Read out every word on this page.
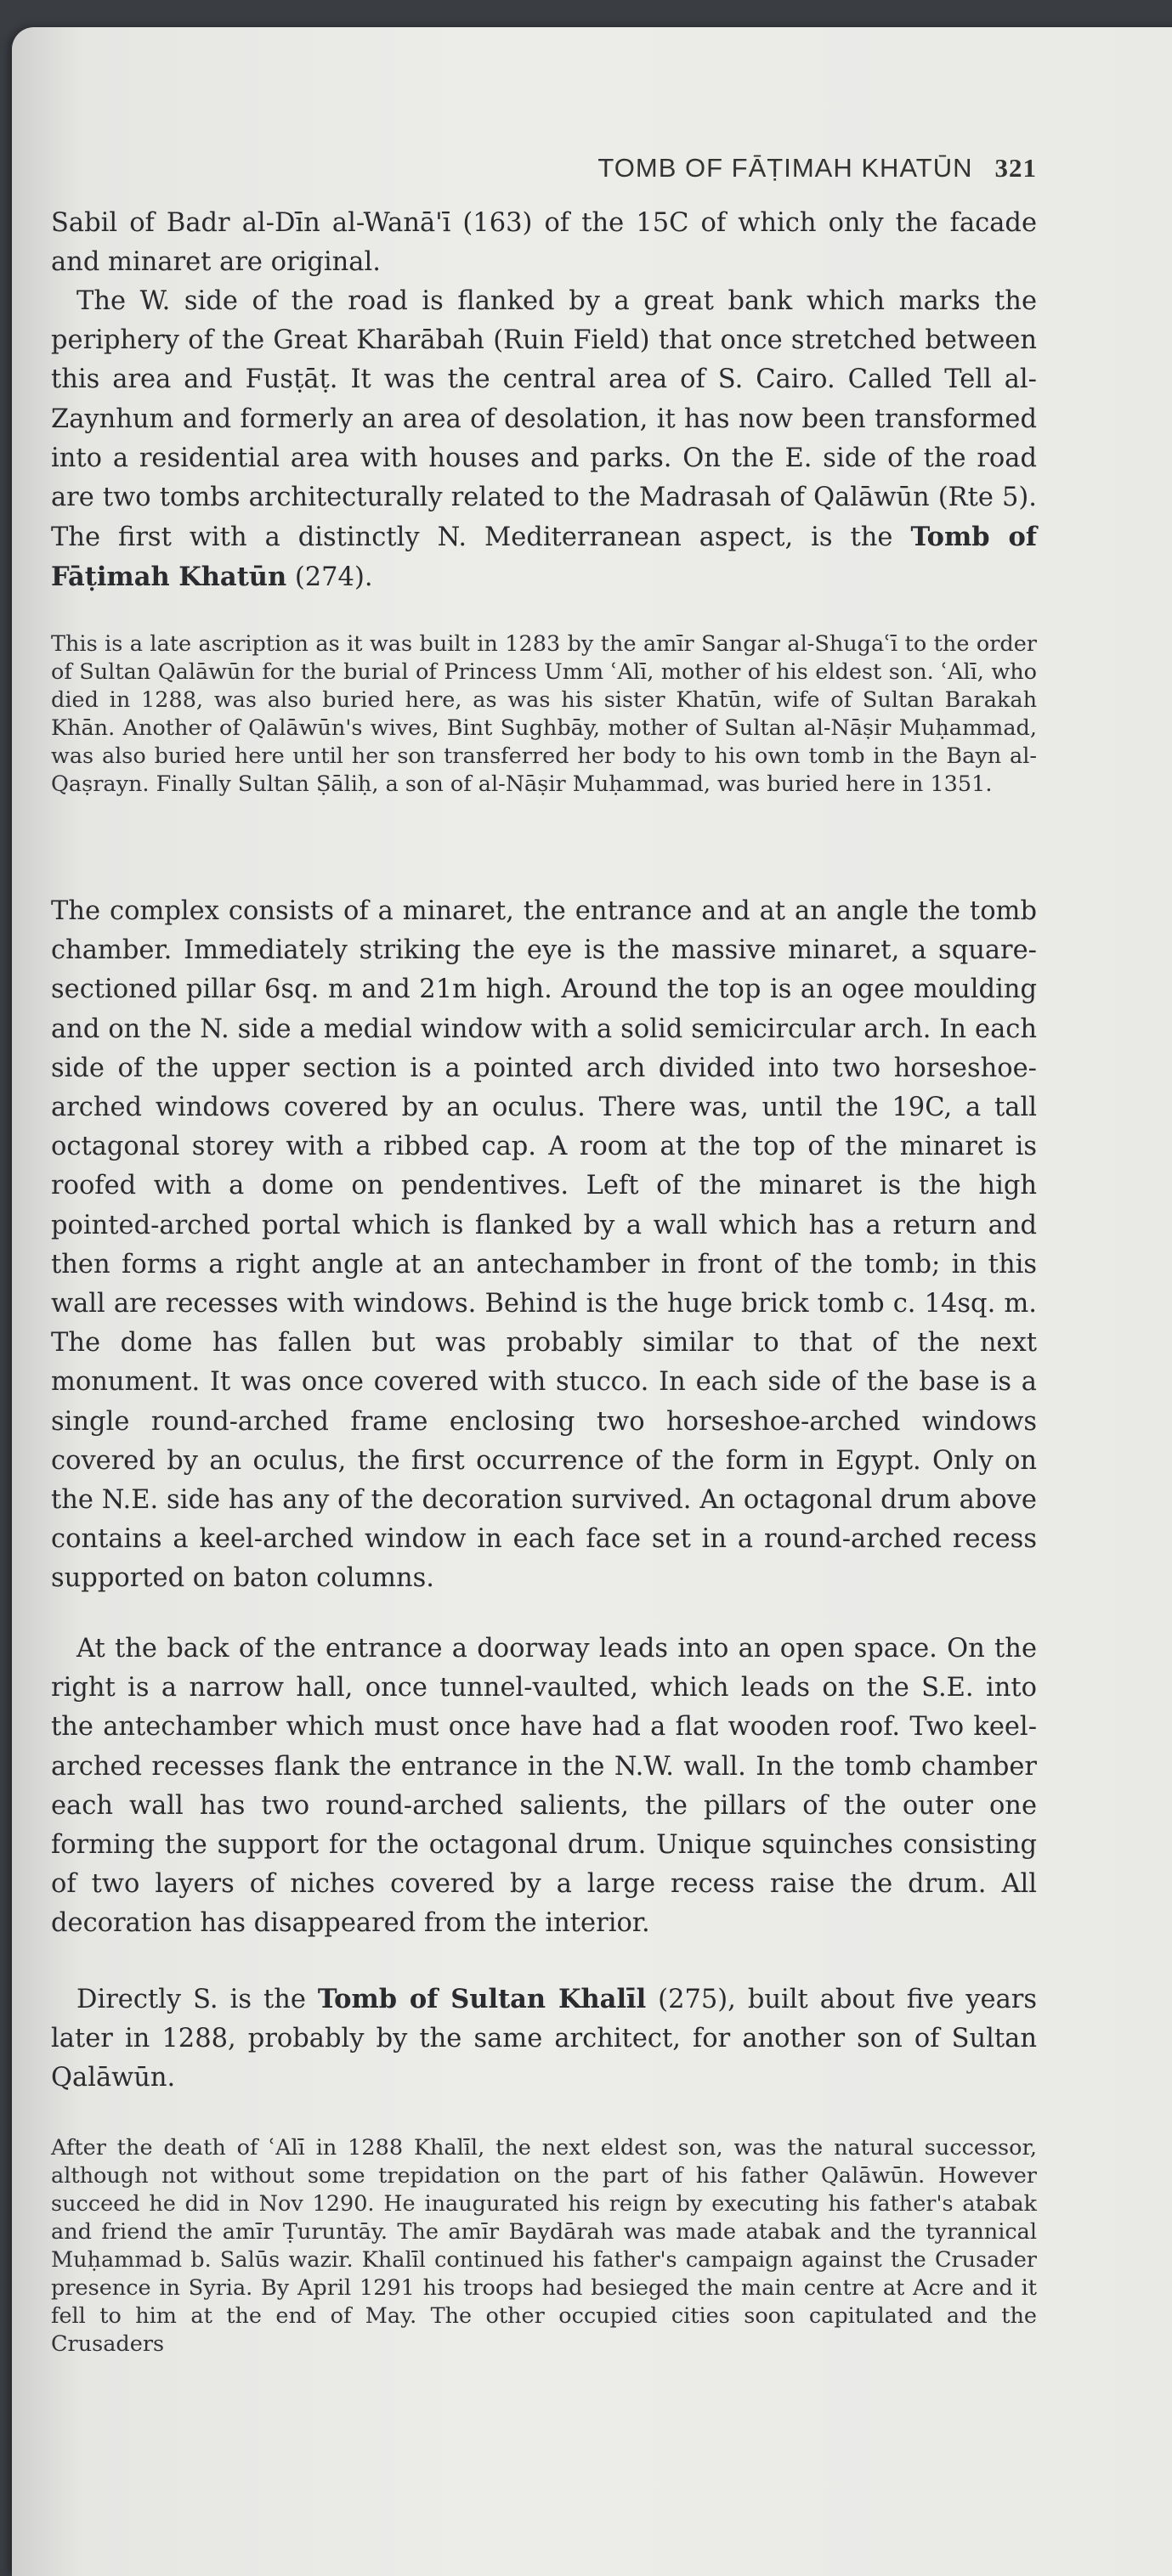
TOMB OF FĀṬIMAH KHATŪN 321

Sabil of Badr al-Dīn al-Wanā'ī (163) of the 15C of which only the facade and minaret are original.

The W. side of the road is flanked by a great bank which marks the periphery of the Great Kharābah (Ruin Field) that once stretched between this area and Fusṭāṭ. It was the central area of S. Cairo. Called Tell al-Zaynhum and formerly an area of desolation, it has now been transformed into a residential area with houses and parks. On the E. side of the road are two tombs architecturally related to the Madrasah of Qalāwūn (Rte 5). The first with a distinctly N. Mediterranean aspect, is the Tomb of Fāṭimah Khatūn (274).

This is a late ascription as it was built in 1283 by the amīr Sangar al-Shugaʿī to the order of Sultan Qalāwūn for the burial of Princess Umm ʿAlī, mother of his eldest son. ʿAlī, who died in 1288, was also buried here, as was his sister Khatūn, wife of Sultan Barakah Khān. Another of Qalāwūn's wives, Bint Sughbāy, mother of Sultan al-Nāṣir Muḥammad, was also buried here until her son transferred her body to his own tomb in the Bayn al-Qaṣrayn. Finally Sultan Ṣāliḥ, a son of al-Nāṣir Muḥammad, was buried here in 1351.

The complex consists of a minaret, the entrance and at an angle the tomb chamber. Immediately striking the eye is the massive minaret, a square-sectioned pillar 6sq. m and 21m high. Around the top is an ogee moulding and on the N. side a medial window with a solid semicircular arch. In each side of the upper section is a pointed arch divided into two horseshoe-arched windows covered by an oculus. There was, until the 19C, a tall octagonal storey with a ribbed cap. A room at the top of the minaret is roofed with a dome on pendentives. Left of the minaret is the high pointed-arched portal which is flanked by a wall which has a return and then forms a right angle at an antechamber in front of the tomb; in this wall are recesses with windows. Behind is the huge brick tomb c. 14sq. m. The dome has fallen but was probably similar to that of the next monument. It was once covered with stucco. In each side of the base is a single round-arched frame enclosing two horseshoe-arched windows covered by an oculus, the first occurrence of the form in Egypt. Only on the N.E. side has any of the decoration survived. An octagonal drum above contains a keel-arched window in each face set in a round-arched recess supported on baton columns.

At the back of the entrance a doorway leads into an open space. On the right is a narrow hall, once tunnel-vaulted, which leads on the S.E. into the antechamber which must once have had a flat wooden roof. Two keel-arched recesses flank the entrance in the N.W. wall. In the tomb chamber each wall has two round-arched salients, the pillars of the outer one forming the support for the octagonal drum. Unique squinches consisting of two layers of niches covered by a large recess raise the drum. All decoration has disappeared from the interior.

Directly S. is the Tomb of Sultan Khalīl (275), built about five years later in 1288, probably by the same architect, for another son of Sultan Qalāwūn.

After the death of ʿAlī in 1288 Khalīl, the next eldest son, was the natural successor, although not without some trepidation on the part of his father Qalāwūn. However succeed he did in Nov 1290. He inaugurated his reign by executing his father's atabak and friend the amīr Ṭuruntāy. The amīr Baydārah was made atabak and the tyrannical Muḥammad b. Salūs wazir. Khalīl continued his father's campaign against the Crusader presence in Syria. By April 1291 his troops had besieged the main centre at Acre and it fell to him at the end of May. The other occupied cities soon capitulated and the Crusaders
